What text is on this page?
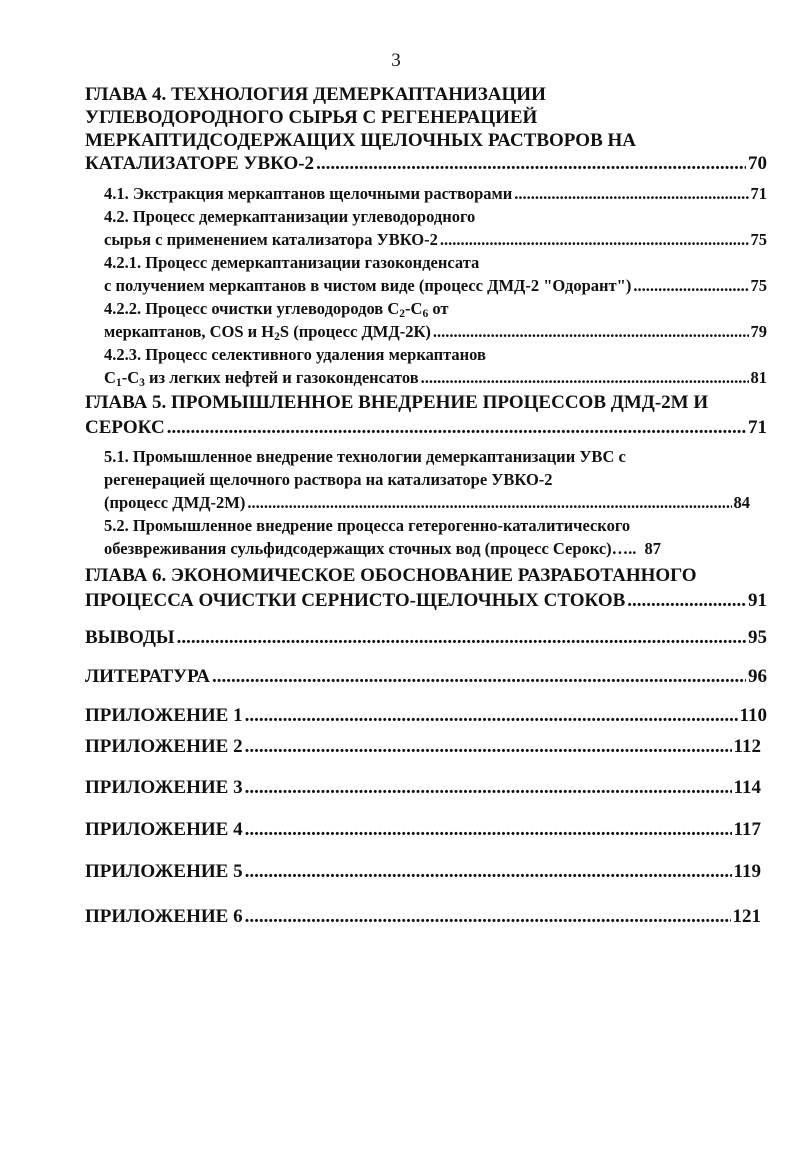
3
ГЛАВА 4. ТЕХНОЛОГИЯ ДЕМЕРКАПТАНИЗАЦИИ
УГЛЕВОДОРОДНОГО СЫРЬЯ С РЕГЕНЕРАЦИЕЙ
МЕРКАПТИДСОДЕРЖАЩИХ ЩЕЛОЧНЫХ РАСТВОРОВ НА
КАТАЛИЗАТОРЕ УВКО-2 .....	70
4.1. Экстракция меркаптанов щелочными растворами .....	71
4.2. Процесс демеркаптанизации углеводородного
сырья с применением катализатора УВКО-2 .....	75
4.2.1. Процесс демеркаптанизации газоконденсата
с получением меркаптанов в чистом виде (процесс ДМД-2 "Одорант") .....	75
4.2.2. Процесс очистки углеводородов $С_2-С_6$ от
меркаптанов, COS и $H_2S$ (процесс ДМД-2К) .....	79
4.2.3. Процесс селективного удаления меркаптанов
$С_1-С_3$ из легких нефтей и газоконденсатов .....	81
ГЛАВА 5. ПРОМЫШЛЕННОЕ ВНЕДРЕНИЕ ПРОЦЕССОВ ДМД-2М И
СЕРОКС .....	71
5.1. Промышленное внедрение технологии демеркаптанизации УВС с
регенерацией щелочного раствора на катализаторе УВКО-2
(процесс ДМД-2М) .....	84
5.2. Промышленное внедрение процесса гетерогенно-каталитического
обезвреживания сульфидсодержащих сточных вод (процесс Серокс)….. 87
ГЛАВА 6. ЭКОНОМИЧЕСКОЕ ОБОСНОВАНИЕ РАЗРАБОТАННОГО
ПРОЦЕССА ОЧИСТКИ СЕРНИСТО-ЩЕЛОЧНЫХ СТОКОВ .....	91
ВЫВОДЫ .....	95
ЛИТЕРАТУРА .....	96
ПРИЛОЖЕНИЕ 1 .....	110
ПРИЛОЖЕНИЕ 2 .....	112
ПРИЛОЖЕНИЕ 3 .....	114
ПРИЛОЖЕНИЕ 4 .....	117
ПРИЛОЖЕНИЕ 5 .....	119
ПРИЛОЖЕНИЕ 6 .....	121
